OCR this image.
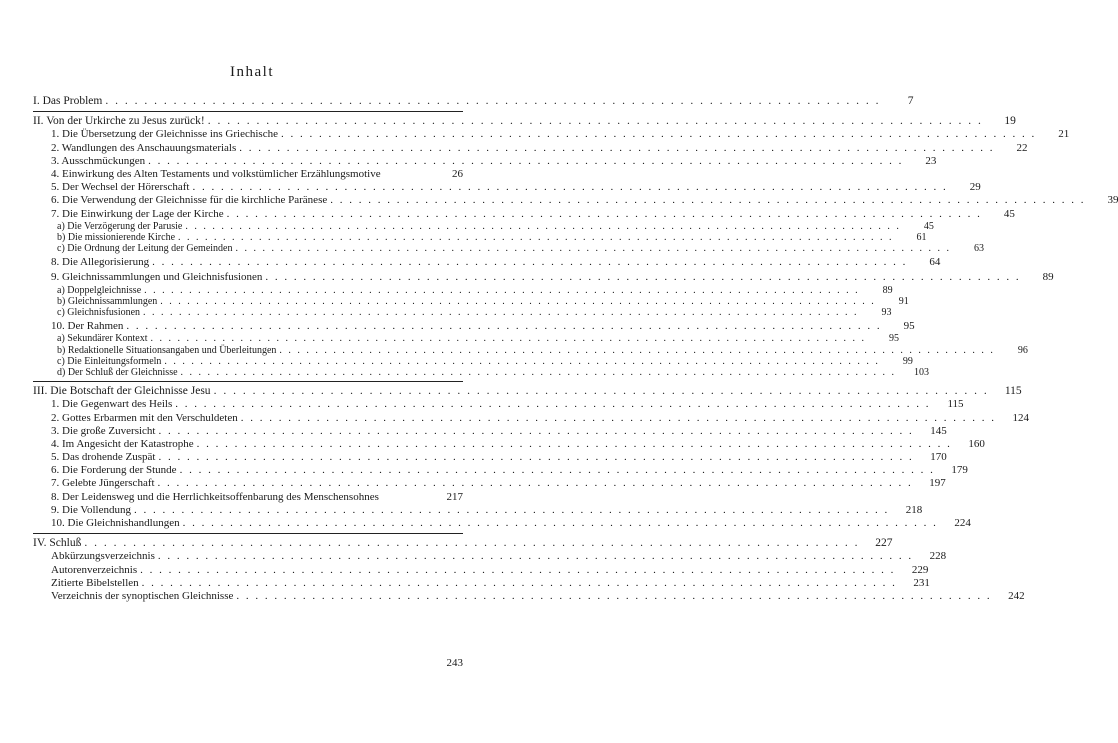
Inhalt
I. Das Problem . . . . . . . . . . . . . . . . . . . . . . . . . . . . . . . . . . . . . . . . . . . . . . . . . . . . . . . . . . . . . . . . . . . . . . . . . . . . . . . .	7
II. Von der Urkirche zu Jesus zurück! . . . . . . . . . . . . . . . . . . . . . . . . . . . . . . . . . . . . . . . . . . . . . . . . . . . . . . . . . . . . . . . . . . . . . . . . . . . . . . . .	19
1. Die Übersetzung der Gleichnisse ins Griechische . . . . . . . . . . . . . . . . . . . . . . . . . . . . . . . . . . . . . . . . . . . . . . . . . . . . . . . . . . . . . . . . . . . . . . . . . . . . . . . .	21
2. Wandlungen des Anschauungsmaterials . . . . . . . . . . . . . . . . . . . . . . . . . . . . . . . . . . . . . . . . . . . . . . . . . . . . . . . . . . . . . . . . . . . . . . . . . . . . . . . .	22
3. Ausschmückungen . . . . . . . . . . . . . . . . . . . . . . . . . . . . . . . . . . . . . . . . . . . . . . . . . . . . . . . . . . . . . . . . . . . . . . . . . . . . . . . .	23
4. Einwirkung des Alten Testaments und volkstümlicher Erzählungsmotive	26
5. Der Wechsel der Hörerschaft . . . . . . . . . . . . . . . . . . . . . . . . . . . . . . . . . . . . . . . . . . . . . . . . . . . . . . . . . . . . . . . . . . . . . . . . . . . . . . . .	29
6. Die Verwendung der Gleichnisse für die kirchliche Paränese . . . . . . . . . . . . . . . . . . . . . . . . . . . . . . . . . . . . . . . . . . . . . . . . . . . . . . . . . . . . . . . . . . . . . . . . . . . . . . . .	39
7. Die Einwirkung der Lage der Kirche . . . . . . . . . . . . . . . . . . . . . . . . . . . . . . . . . . . . . . . . . . . . . . . . . . . . . . . . . . . . . . . . . . . . . . . . . . . . . . . .	45
a) Die Verzögerung der Parusie . . . . . . . . . . . . . . . . . . . . . . . . . . . . . . . . . . . . . . . . . . . . . . . . . . . . . . . . . . . . . . . . . . . . . . . . . . . . . . . .	45
b) Die missionierende Kirche . . . . . . . . . . . . . . . . . . . . . . . . . . . . . . . . . . . . . . . . . . . . . . . . . . . . . . . . . . . . . . . . . . . . . . . . . . . . . . . .	61
c) Die Ordnung der Leitung der Gemeinden . . . . . . . . . . . . . . . . . . . . . . . . . . . . . . . . . . . . . . . . . . . . . . . . . . . . . . . . . . . . . . . . . . . . . . . . . . . . . . . .	63
8. Die Allegorisierung . . . . . . . . . . . . . . . . . . . . . . . . . . . . . . . . . . . . . . . . . . . . . . . . . . . . . . . . . . . . . . . . . . . . . . . . . . . . . . . .	64
9. Gleichnissammlungen und Gleichnisfusionen . . . . . . . . . . . . . . . . . . . . . . . . . . . . . . . . . . . . . . . . . . . . . . . . . . . . . . . . . . . . . . . . . . . . . . . . . . . . . . . .	89
a) Doppelgleichnisse . . . . . . . . . . . . . . . . . . . . . . . . . . . . . . . . . . . . . . . . . . . . . . . . . . . . . . . . . . . . . . . . . . . . . . . . . . . . . . . .	89
b) Gleichnissammlungen . . . . . . . . . . . . . . . . . . . . . . . . . . . . . . . . . . . . . . . . . . . . . . . . . . . . . . . . . . . . . . . . . . . . . . . . . . . . . . . .	91
c) Gleichnisfusionen . . . . . . . . . . . . . . . . . . . . . . . . . . . . . . . . . . . . . . . . . . . . . . . . . . . . . . . . . . . . . . . . . . . . . . . . . . . . . . . .	93
10. Der Rahmen . . . . . . . . . . . . . . . . . . . . . . . . . . . . . . . . . . . . . . . . . . . . . . . . . . . . . . . . . . . . . . . . . . . . . . . . . . . . . . . .	95
a) Sekundärer Kontext . . . . . . . . . . . . . . . . . . . . . . . . . . . . . . . . . . . . . . . . . . . . . . . . . . . . . . . . . . . . . . . . . . . . . . . . . . . . . . . .	95
b) Redaktionelle Situationsangaben und Überleitungen . . . . . . . . . . . . . . . . . . . . . . . . . . . . . . . . . . . . . . . . . . . . . . . . . . . . . . . . . . . . . . . . . . . . . . . . . . . . . . . .	96
c) Die Einleitungsformeln . . . . . . . . . . . . . . . . . . . . . . . . . . . . . . . . . . . . . . . . . . . . . . . . . . . . . . . . . . . . . . . . . . . . . . . . . . . . . . . .	99
d) Der Schluß der Gleichnisse . . . . . . . . . . . . . . . . . . . . . . . . . . . . . . . . . . . . . . . . . . . . . . . . . . . . . . . . . . . . . . . . . . . . . . . . . . . . . . . .	103
III. Die Botschaft der Gleichnisse Jesu . . . . . . . . . . . . . . . . . . . . . . . . . . . . . . . . . . . . . . . . . . . . . . . . . . . . . . . . . . . . . . . . . . . . . . . . . . . . . . . .	115
1. Die Gegenwart des Heils . . . . . . . . . . . . . . . . . . . . . . . . . . . . . . . . . . . . . . . . . . . . . . . . . . . . . . . . . . . . . . . . . . . . . . . . . . . . . . . .	115
2. Gottes Erbarmen mit den Verschuldeten . . . . . . . . . . . . . . . . . . . . . . . . . . . . . . . . . . . . . . . . . . . . . . . . . . . . . . . . . . . . . . . . . . . . . . . . . . . . . . . .	124
3. Die große Zuversicht . . . . . . . . . . . . . . . . . . . . . . . . . . . . . . . . . . . . . . . . . . . . . . . . . . . . . . . . . . . . . . . . . . . . . . . . . . . . . . . .	145
4. Im Angesicht der Katastrophe . . . . . . . . . . . . . . . . . . . . . . . . . . . . . . . . . . . . . . . . . . . . . . . . . . . . . . . . . . . . . . . . . . . . . . . . . . . . . . . .	160
5. Das drohende Zuspät . . . . . . . . . . . . . . . . . . . . . . . . . . . . . . . . . . . . . . . . . . . . . . . . . . . . . . . . . . . . . . . . . . . . . . . . . . . . . . . .	170
6. Die Forderung der Stunde . . . . . . . . . . . . . . . . . . . . . . . . . . . . . . . . . . . . . . . . . . . . . . . . . . . . . . . . . . . . . . . . . . . . . . . . . . . . . . . .	179
7. Gelebte Jüngerschaft . . . . . . . . . . . . . . . . . . . . . . . . . . . . . . . . . . . . . . . . . . . . . . . . . . . . . . . . . . . . . . . . . . . . . . . . . . . . . . . .	197
8. Der Leidensweg und die Herrlichkeitsoffenbarung des Menschensohnes	217
9. Die Vollendung . . . . . . . . . . . . . . . . . . . . . . . . . . . . . . . . . . . . . . . . . . . . . . . . . . . . . . . . . . . . . . . . . . . . . . . . . . . . . . . .	218
10. Die Gleichnishandlungen . . . . . . . . . . . . . . . . . . . . . . . . . . . . . . . . . . . . . . . . . . . . . . . . . . . . . . . . . . . . . . . . . . . . . . . . . . . . . . . .	224
IV. Schluß . . . . . . . . . . . . . . . . . . . . . . . . . . . . . . . . . . . . . . . . . . . . . . . . . . . . . . . . . . . . . . . . . . . . . . . . . . . . . . . .	227
Abkürzungsverzeichnis . . . . . . . . . . . . . . . . . . . . . . . . . . . . . . . . . . . . . . . . . . . . . . . . . . . . . . . . . . . . . . . . . . . . . . . . . . . . . . . .	228
Autorenverzeichnis . . . . . . . . . . . . . . . . . . . . . . . . . . . . . . . . . . . . . . . . . . . . . . . . . . . . . . . . . . . . . . . . . . . . . . . . . . . . . . . .	229
Zitierte Bibelstellen . . . . . . . . . . . . . . . . . . . . . . . . . . . . . . . . . . . . . . . . . . . . . . . . . . . . . . . . . . . . . . . . . . . . . . . . . . . . . . . .	231
Verzeichnis der synoptischen Gleichnisse . . . . . . . . . . . . . . . . . . . . . . . . . . . . . . . . . . . . . . . . . . . . . . . . . . . . . . . . . . . . . . . . . . . . . . . . . . . . . . . .	242
243
